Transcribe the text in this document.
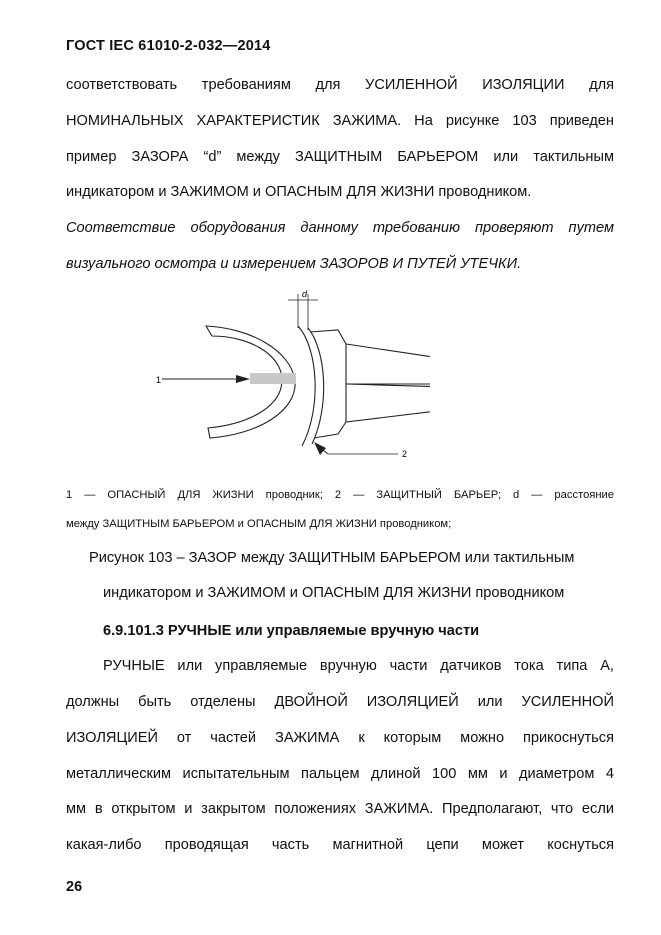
ГОСТ IEC 61010-2-032—2014
соответствовать требованиям для УСИЛЕННОЙ ИЗОЛЯЦИИ для
НОМИНАЛЬНЫХ ХАРАКТЕРИСТИК ЗАЖИМА. На рисунке 103 приведен
пример ЗАЗОРА “d” между ЗАЩИТНЫМ БАРЬЕРОМ или тактильным
индикатором и ЗАЖИМОМ и ОПАСНЫМ ДЛЯ ЖИЗНИ проводником.
Соответствие оборудования данному требованию проверяют путем
визуального осмотра и измерением ЗАЗОРОВ И ПУТЕЙ УТЕЧКИ.
d
1
2
1 — ОПАСНЫЙ ДЛЯ ЖИЗНИ проводник; 2 — ЗАЩИТНЫЙ БАРЬЕР; d — расстояние
между ЗАЩИТНЫМ БАРЬЕРОМ и ОПАСНЫМ ДЛЯ ЖИЗНИ проводником;
Рисунок 103 – ЗАЗОР между ЗАЩИТНЫМ БАРЬЕРОМ или тактильным
индикатором и ЗАЖИМОМ и ОПАСНЫМ ДЛЯ ЖИЗНИ проводником
6.9.101.3 РУЧНЫЕ или управляемые вручную части
РУЧНЫЕ или управляемые вручную части датчиков тока типа А,
должны быть отделены ДВОЙНОЙ ИЗОЛЯЦИЕЙ или УСИЛЕННОЙ
ИЗОЛЯЦИЕЙ от частей ЗАЖИМА к которым можно прикоснуться
металлическим испытательным пальцем длиной 100 мм и диаметром 4
мм в открытом и закрытом положениях ЗАЖИМА. Предполагают, что если
какая-либо проводящая часть магнитной цепи может коснуться
26
